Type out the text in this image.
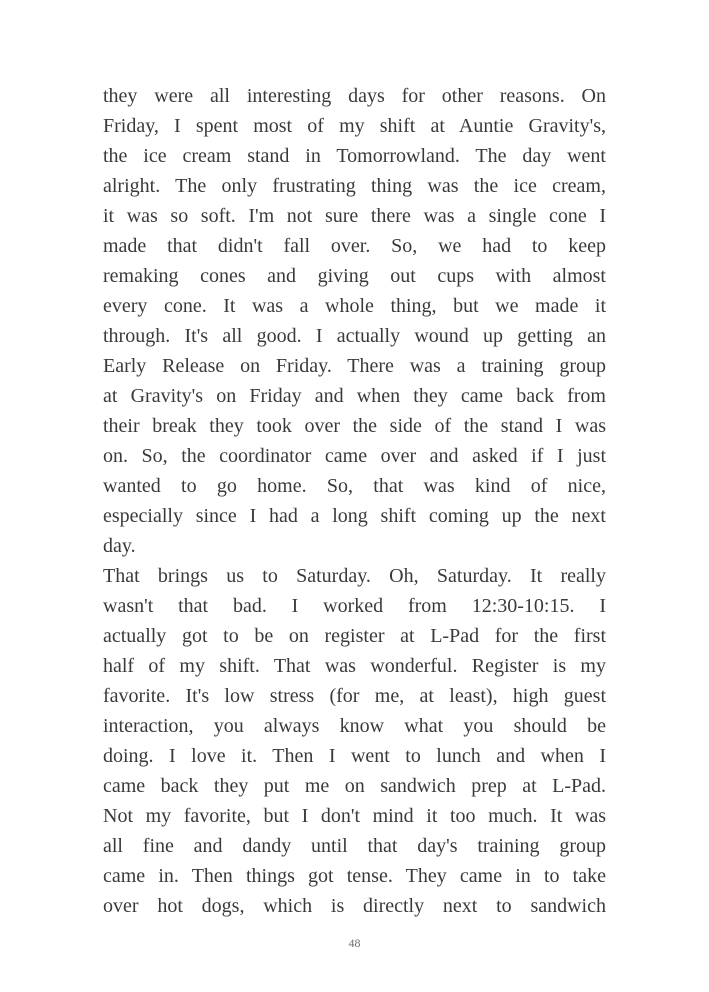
they were all interesting days for other reasons. On
Friday, I spent most of my shift at Auntie Gravity's,
the ice cream stand in Tomorrowland. The day went
alright. The only frustrating thing was the ice cream,
it was so soft. I'm not sure there was a single cone I
made that didn't fall over. So, we had to keep
remaking cones and giving out cups with almost
every cone. It was a whole thing, but we made it
through. It's all good. I actually wound up getting an
Early Release on Friday. There was a training group
at Gravity's on Friday and when they came back from
their break they took over the side of the stand I was
on. So, the coordinator came over and asked if I just
wanted to go home. So, that was kind of nice,
especially since I had a long shift coming up the next
day.
That brings us to Saturday. Oh, Saturday. It really
wasn't that bad. I worked from 12:30-10:15. I
actually got to be on register at L-Pad for the first
half of my shift. That was wonderful. Register is my
favorite. It's low stress (for me, at least), high guest
interaction, you always know what you should be
doing. I love it. Then I went to lunch and when I
came back they put me on sandwich prep at L-Pad.
Not my favorite, but I don't mind it too much. It was
all fine and dandy until that day's training group
came in. Then things got tense. They came in to take
over hot dogs, which is directly next to sandwich
48
